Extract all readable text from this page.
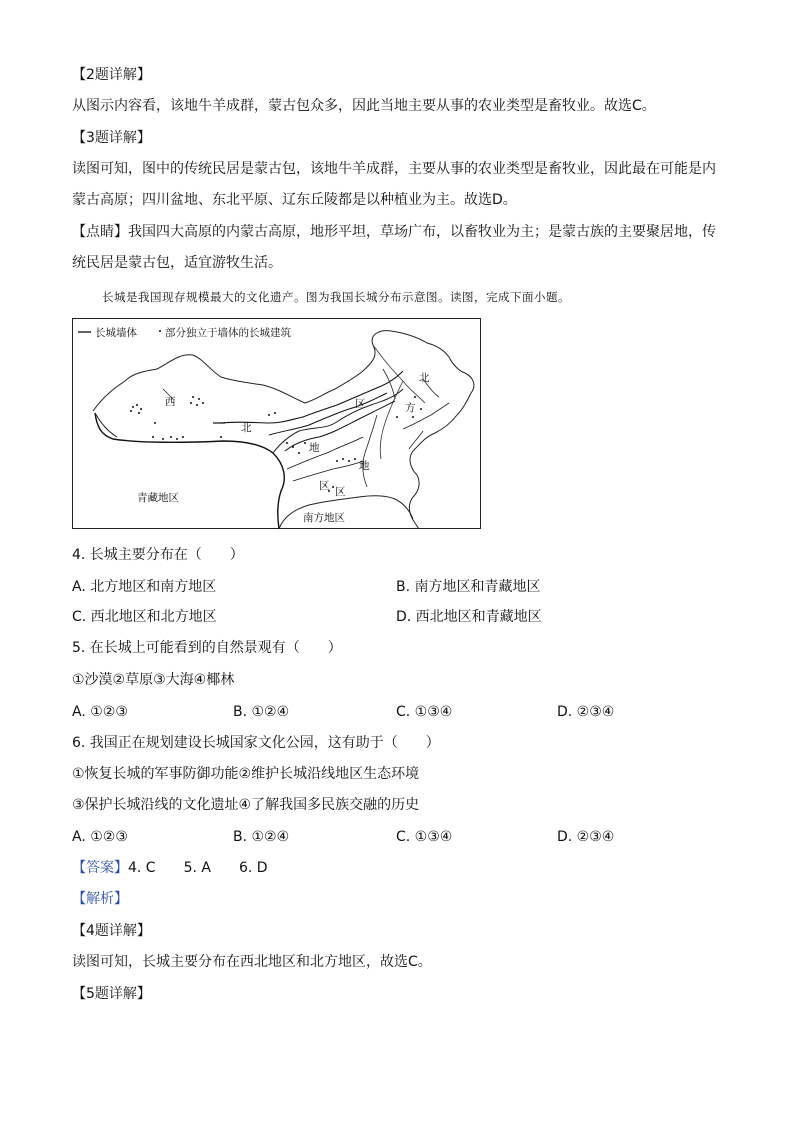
【2题详解】
从图示内容看，该地牛羊成群，蒙古包众多，因此当地主要从事的农业类型是畜牧业。故选C。
【3题详解】
读图可知，图中的传统民居是蒙古包，该地牛羊成群，主要从事的农业类型是畜牧业，因此最在可能是内
蒙古高原；四川盆地、东北平原、辽东丘陵都是以种植业为主。故选D。
【点睛】我国四大高原的内蒙古高原，地形平坦，草场广布，以畜牧业为主；是蒙古族的主要聚居地，传
统民居是蒙古包，适宜游牧生活。
长城是我国现存规模最大的文化遗产。图为我国长城分布示意图。读图，完成下面小题。
长城墙体	部分独立于墙体的长城建筑
西
北
地
区
北
方
地
区
区
青藏地区
南方地区
4. 长城主要分布在（　　）
A. 北方地区和南方地区	B. 南方地区和青藏地区
C. 西北地区和北方地区	D. 西北地区和青藏地区
5. 在长城上可能看到的自然景观有（　　）
①沙漠②草原③大海④椰林
A. ①②③	B. ①②④	C. ①③④	D. ②③④
6. 我国正在规划建设长城国家文化公园，这有助于（　　）
①恢复长城的军事防御功能②维护长城沿线地区生态环境
③保护长城沿线的文化遗址④了解我国多民族交融的历史
A. ①②③	B. ①②④	C. ①③④	D. ②③④
【答案】4. C　　5. A　　6. D
【解析】
【4题详解】
读图可知，长城主要分布在西北地区和北方地区，故选C。
【5题详解】
